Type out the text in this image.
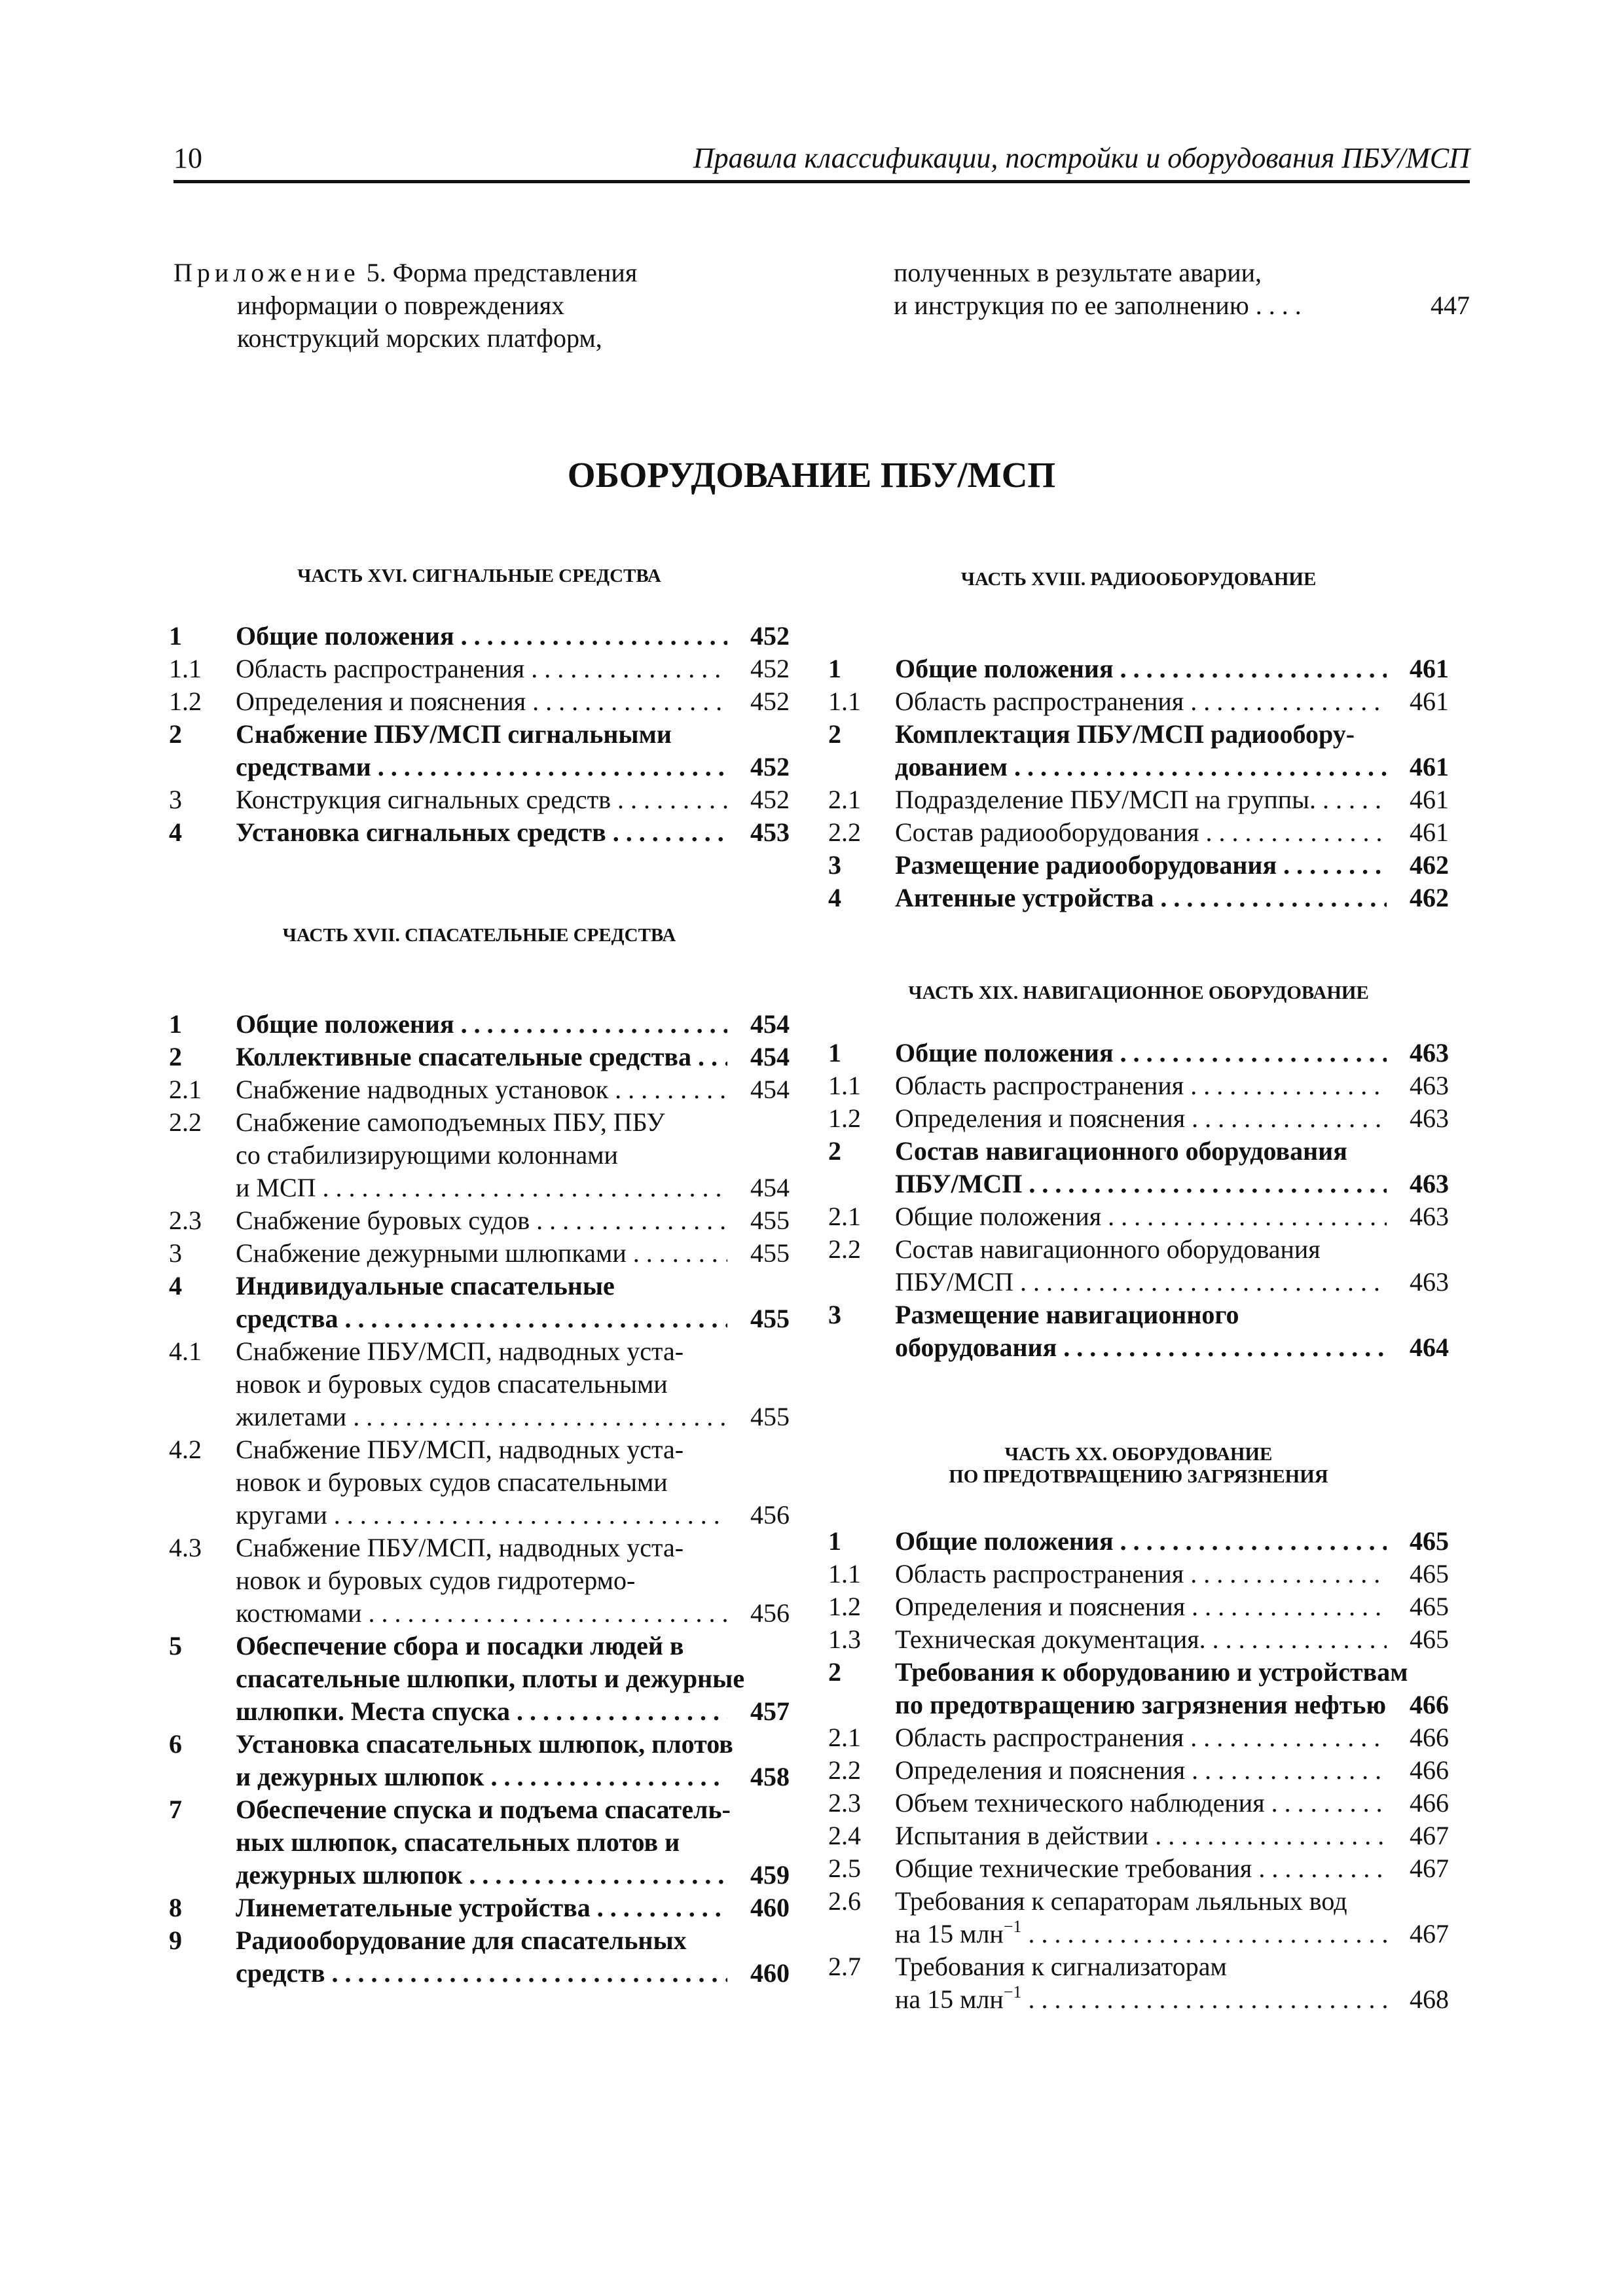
10	Правила классификации, постройки и оборудования ПБУ/МСП
Приложение 5. Форма представления
информации о повреждениях
конструкций морских платформ,
полученных в результате аварии,
и инструкция по ее заполнению . . . .	447
ОБОРУДОВАНИЕ ПБУ/МСП
ЧАСТЬ XVI. СИГНАЛЬНЫЕ СРЕДСТВА
1 Общие положения . . .	452
1.1 Область распространения . . .	452
1.2 Определения и пояснения . . .	452
2 Снабжение ПБУ/МСП сигнальными
средствами . . .	452
3 Конструкция сигнальных средств . . .	452
4 Установка сигнальных средств . . .	453
ЧАСТЬ XVII. СПАСАТЕЛЬНЫЕ СРЕДСТВА
1 Общие положения . . .	454
2 Коллективные спасательные средства . . .	454
2.1 Снабжение надводных установок . . .	454
2.2 Снабжение самоподъемных ПБУ, ПБУ
со стабилизирующими колоннами
и МСП . . .	454
2.3 Снабжение буровых судов . . .	455
3 Снабжение дежурными шлюпками . . .	455
4 Индивидуальные спасательные
средства . . .	455
4.1 Снабжение ПБУ/МСП, надводных уста-
новок и буровых судов спасательными
жилетами . . .	455
4.2 Снабжение ПБУ/МСП, надводных уста-
новок и буровых судов спасательными
кругами . . .	456
4.3 Снабжение ПБУ/МСП, надводных уста-
новок и буровых судов гидротермо-
костюмами . . .	456
5 Обеспечение сбора и посадки людей в
спасательные шлюпки, плоты и дежурные
шлюпки. Места спуска . . .	457
6 Установка спасательных шлюпок, плотов
и дежурных шлюпок . . .	458
7 Обеспечение спуска и подъема спасатель-
ных шлюпок, спасательных плотов и
дежурных шлюпок . . .	459
8 Линеметательные устройства . . .	460
9 Радиооборудование для спасательных
средств . . .	460
ЧАСТЬ XVIII. РАДИООБОРУДОВАНИЕ
1 Общие положения . . .	461
1.1 Область распространения . . .	461
2 Комплектация ПБУ/МСП радиообору-
дованием . . .	461
2.1 Подразделение ПБУ/МСП на группы. . . .	461
2.2 Состав радиооборудования . . .	461
3 Размещение радиооборудования . . .	462
4 Антенные устройства . . .	462
ЧАСТЬ XIX. НАВИГАЦИОННОЕ ОБОРУДОВАНИЕ
1 Общие положения . . .	463
1.1 Область распространения . . .	463
1.2 Определения и пояснения . . .	463
2 Состав навигационного оборудования
ПБУ/МСП . . .	463
2.1 Общие положения . . .	463
2.2 Состав навигационного оборудования
ПБУ/МСП . . .	463
3 Размещение навигационного
оборудования . . .	464
ЧАСТЬ XX. ОБОРУДОВАНИЕ
ПО ПРЕДОТВРАЩЕНИЮ ЗАГРЯЗНЕНИЯ
1 Общие положения . . .	465
1.1 Область распространения . . .	465
1.2 Определения и пояснения . . .	465
1.3 Техническая документация. . . .	465
2 Требования к оборудованию и устройствам
по предотвращению загрязнения нефтью . . . 466
2.1 Область распространения . . .	466
2.2 Определения и пояснения . . .	466
2.3 Объем технического наблюдения . . .	466
2.4 Испытания в действии . . .	467
2.5 Общие технические требования . . .	467
2.6 Требования к сепараторам льяльных вод
на 15 млн$^{-1}$ . . .	467
2.7 Требования к сигнализаторам
на 15 млн$^{-1}$ . . .	468
